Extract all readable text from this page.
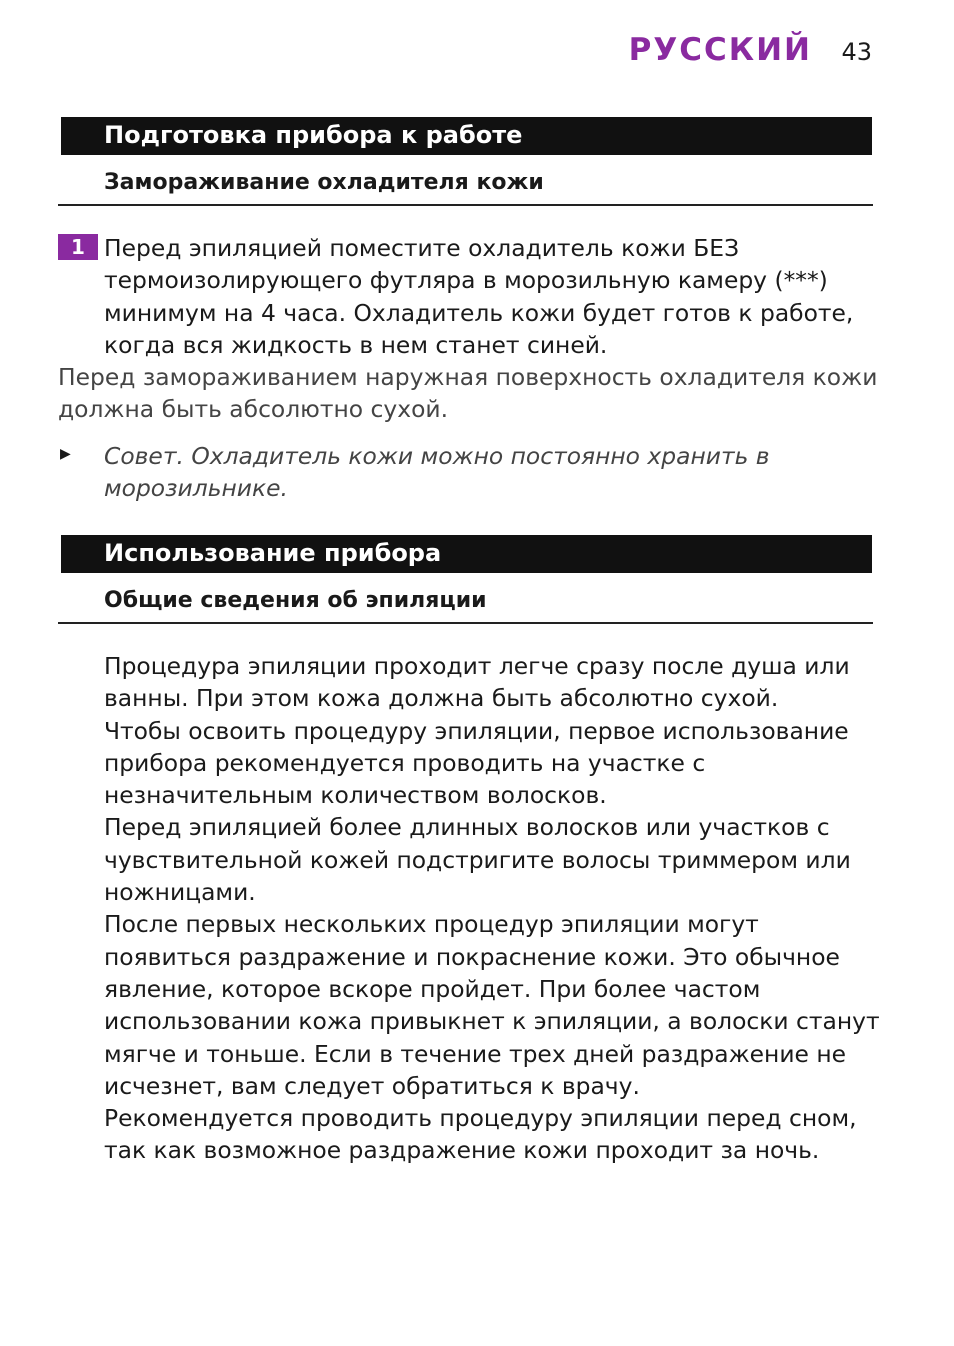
РУССКИЙ 43
Подготовка прибора к работе
Замораживание охладителя кожи
1 Перед эпиляцией поместите охладитель кожи БЕЗ
термоизолирующего футляра в морозильную камеру (***)
минимум на 4 часа. Охладитель кожи будет готов к работе,
когда вся жидкость в нем станет синей.
Перед замораживанием наружная поверхность охладителя кожи
должна быть абсолютно сухой.
▶ Совет. Охладитель кожи можно постоянно хранить в
морозильнике.
Использование прибора
Общие сведения об эпиляции
Процедура эпиляции проходит легче сразу после душа или
ванны. При этом кожа должна быть абсолютно сухой.
Чтобы освоить процедуру эпиляции, первое использование
прибора рекомендуется проводить на участке с
незначительным количеством волосков.
Перед эпиляцией более длинных волосков или участков с
чувствительной кожей подстригите волосы триммером или
ножницами.
После первых нескольких процедур эпиляции могут
появиться раздражение и покраснение кожи. Это обычное
явление, которое вскоре пройдет. При более частом
использовании кожа привыкнет к эпиляции, а волоски станут
мягче и тоньше. Если в течение трех дней раздражение не
исчезнет, вам следует обратиться к врачу.
Рекомендуется проводить процедуру эпиляции перед сном,
так как возможное раздражение кожи проходит за ночь.
